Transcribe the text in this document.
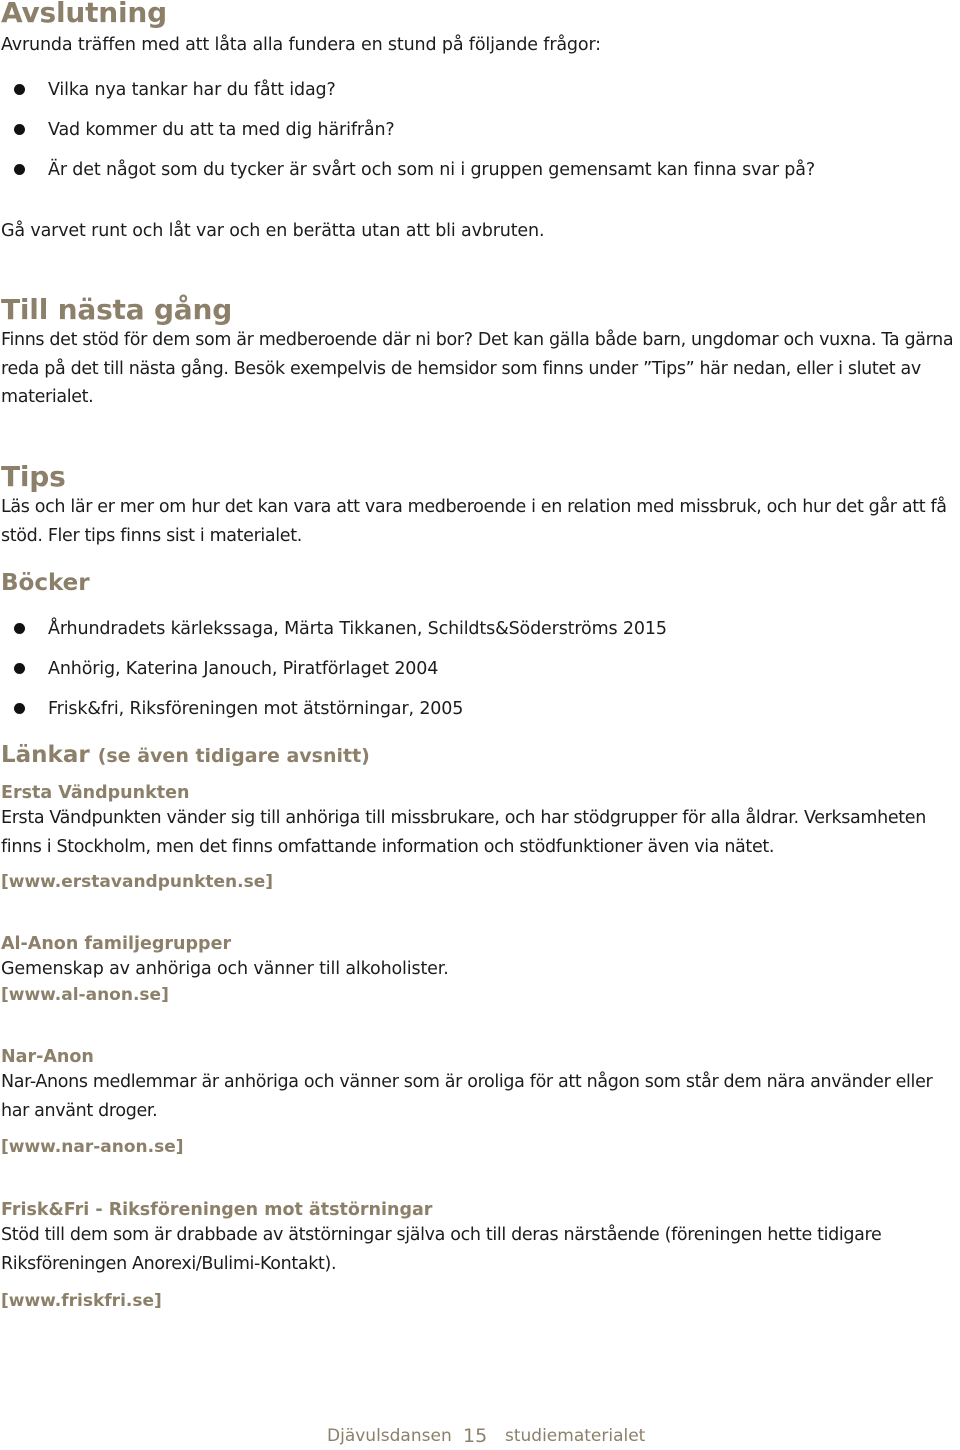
Avslutning
Avrunda träffen med att låta alla fundera en stund på följande frågor:
Vilka nya tankar har du fått idag?
Vad kommer du att ta med dig härifrån?
Är det något som du tycker är svårt och som ni i gruppen gemensamt kan finna svar på?
Gå varvet runt och låt var och en berätta utan att bli avbruten.
Till nästa gång
Finns det stöd för dem som är medberoende där ni bor? Det kan gälla både barn, ungdomar och vuxna. Ta gärna reda på det till nästa gång. Besök exempelvis de hemsidor som finns under ”Tips” här nedan, eller i slutet av materialet.
Tips
Läs och lär er mer om hur det kan vara att vara medberoende i en relation med missbruk, och hur det går att få stöd. Fler tips finns sist i materialet.
Böcker
Århundradets kärlekssaga, Märta Tikkanen, Schildts&Söderströms 2015
Anhörig, Katerina Janouch, Piratförlaget 2004
Frisk&fri, Riksföreningen mot ätstörningar, 2005
Länkar (se även tidigare avsnitt)
Ersta Vändpunkten
Ersta Vändpunkten vänder sig till anhöriga till missbrukare, och har stödgrupper för alla åldrar. Verksamheten finns i Stockholm, men det finns omfattande information och stödfunktioner även via nätet.
[www.erstavandpunkten.se]
Al-Anon familjegrupper
Gemenskap av anhöriga och vänner till alkoholister.
[www.al-anon.se]
Nar-Anon
Nar-Anons medlemmar är anhöriga och vänner som är oroliga för att någon som står dem nära använder eller har använt droger.
[www.nar-anon.se]
Frisk&Fri - Riksföreningen mot ätstörningar
Stöd till dem som är drabbade av ätstörningar själva och till deras närstående (föreningen hette tidigare Riksföreningen Anorexi/Bulimi-Kontakt).
[www.friskfri.se]
Djävulsdansen 15 studiematerialet
